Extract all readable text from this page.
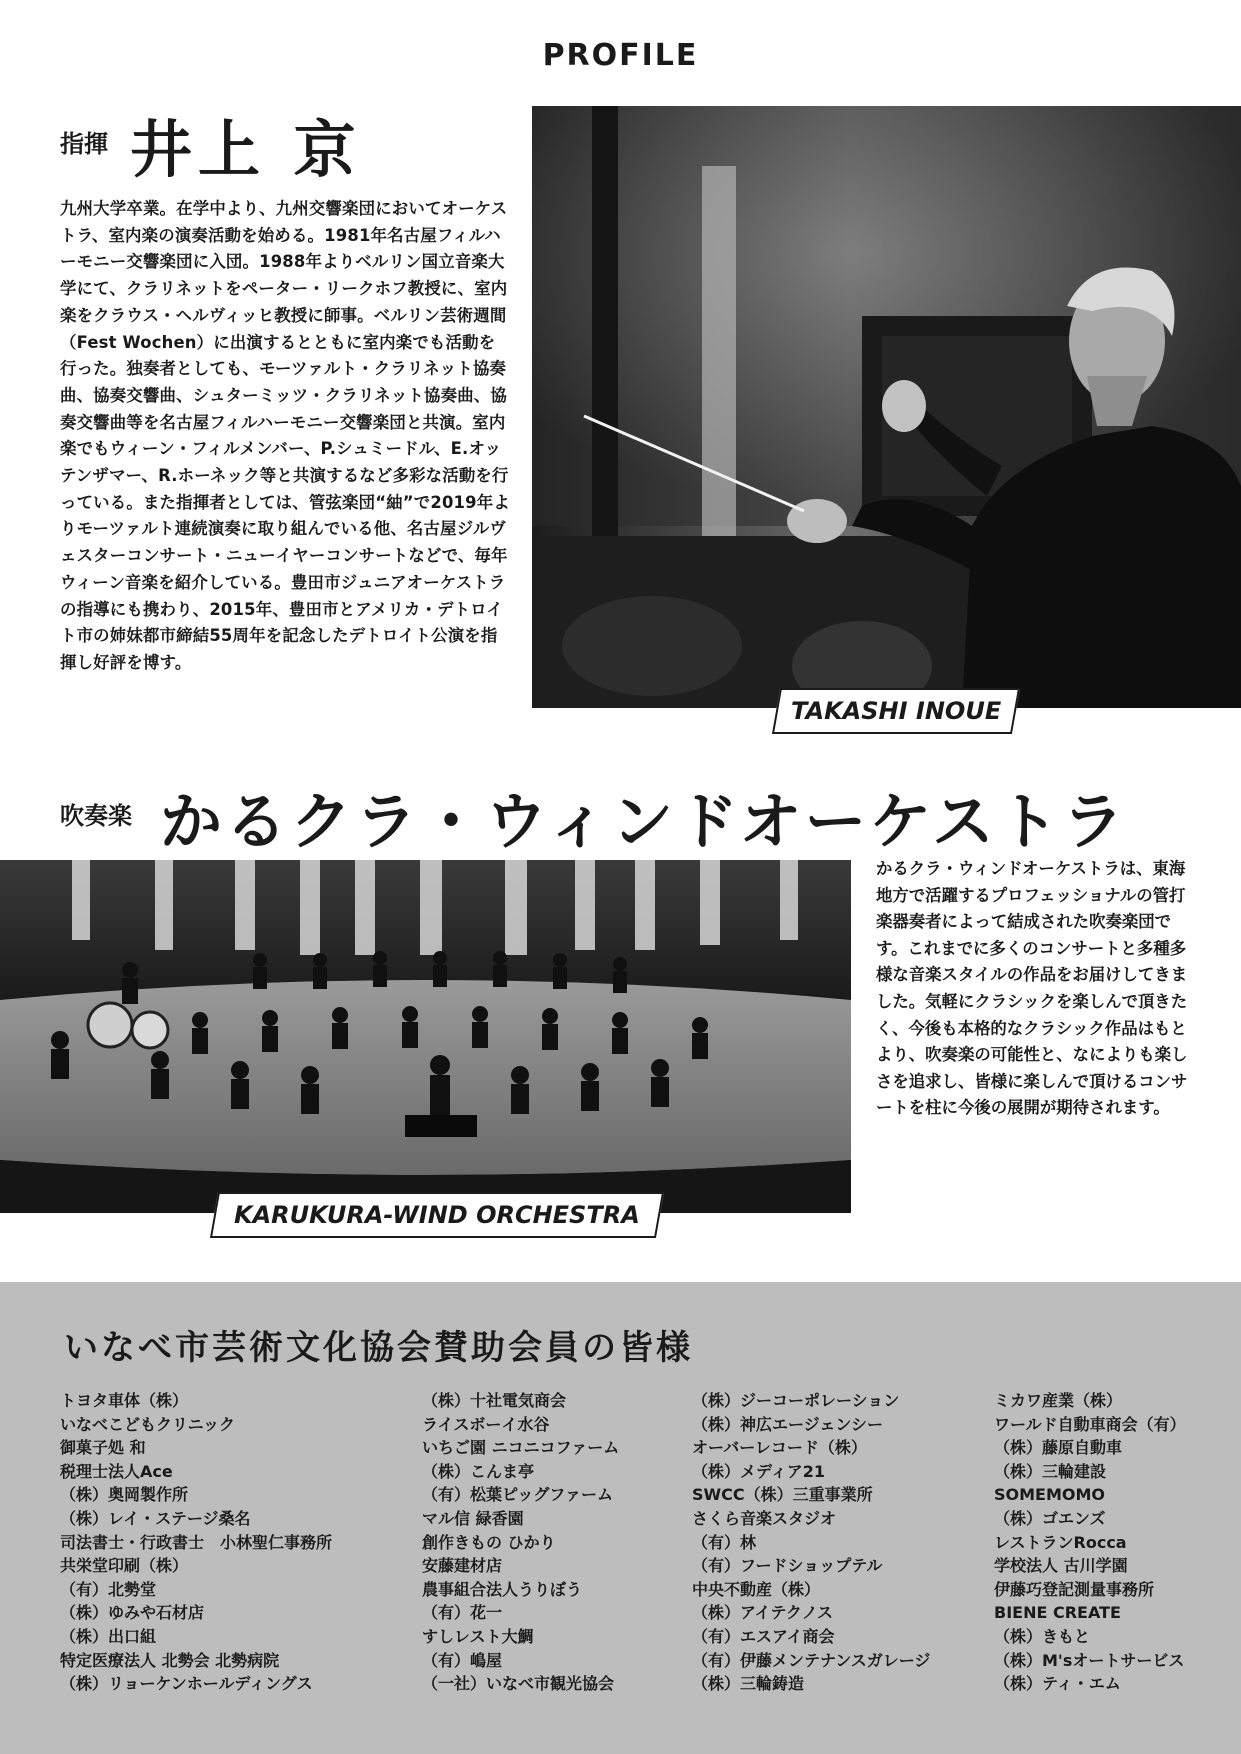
PROFILE
指揮 井上 京
九州大学卒業。在学中より、九州交響楽団においてオーケストラ、室内楽の演奏活動を始める。1981年名古屋フィルハーモニー交響楽団に入団。1988年よりベルリン国立音楽大学にて、クラリネットをペーター・リークホフ教授に、室内楽をクラウス・ヘルヴィッヒ教授に師事。ベルリン芸術週間（Fest Wochen）に出演するとともに室内楽でも活動を行った。独奏者としても、モーツァルト・クラリネット協奏曲、協奏交響曲、シュターミッツ・クラリネット協奏曲、協奏交響曲等を名古屋フィルハーモニー交響楽団と共演。室内楽でもウィーン・フィルメンバー、P.シュミードル、E.オッテンザマー、R.ホーネック等と共演するなど多彩な活動を行っている。また指揮者としては、管弦楽団“紬”で2019年よりモーツァルト連続演奏に取り組んでいる他、名古屋ジルヴェスターコンサート・ニューイヤーコンサートなどで、毎年ウィーン音楽を紹介している。豊田市ジュニアオーケストラの指導にも携わり、2015年、豊田市とアメリカ・デトロイト市の姉妹都市締結55周年を記念したデトロイト公演を指揮し好評を博す。
TAKASHI INOUE
吹奏楽 かるクラ・ウィンドオーケストラ
KARUKURA-WIND ORCHESTRA
かるクラ・ウィンドオーケストラは、東海地方で活躍するプロフェッショナルの管打楽器奏者によって結成された吹奏楽団です。これまでに多くのコンサートと多種多様な音楽スタイルの作品をお届けしてきました。気軽にクラシックを楽しんで頂きたく、今後も本格的なクラシック作品はもとより、吹奏楽の可能性と、なによりも楽しさを追求し、皆様に楽しんで頂けるコンサートを柱に今後の展開が期待されます。
いなべ市芸術文化協会賛助会員の皆様
トヨタ車体（株）
いなべこどもクリニック
御菓子処 和
税理士法人Ace
（株）奥岡製作所
（株）レイ・ステージ桑名
司法書士・行政書士　小林聖仁事務所
共栄堂印刷（株）
（有）北勢堂
（株）ゆみや石材店
（株）出口組
特定医療法人 北勢会 北勢病院
（株）リョーケンホールディングス
（株）十社電気商会
ライスボーイ水谷
いちご園 ニコニコファーム
（株）こんま亭
（有）松葉ピッグファーム
マル信 緑香園
創作きもの ひかり
安藤建材店
農事組合法人うりぼう
（有）花一
すしレスト大鯛
（有）嶋屋
（一社）いなべ市観光協会
（株）ジーコーポレーション
（株）神広エージェンシー
オーバーレコード（株）
（株）メディア21
SWCC（株）三重事業所
さくら音楽スタジオ
（有）林
（有）フードショップテル
中央不動産（株）
（株）アイテクノス
（有）エスアイ商会
（有）伊藤メンテナンスガレージ
（株）三輪鋳造
ミカワ産業（株）
ワールド自動車商会（有）
（株）藤原自動車
（株）三輪建設
SOMEMOMO
（株）ゴエンズ
レストランRocca
学校法人 古川学園
伊藤巧登記測量事務所
BIENE CREATE
（株）きもと
（株）M'sオートサービス
（株）ティ・エム
